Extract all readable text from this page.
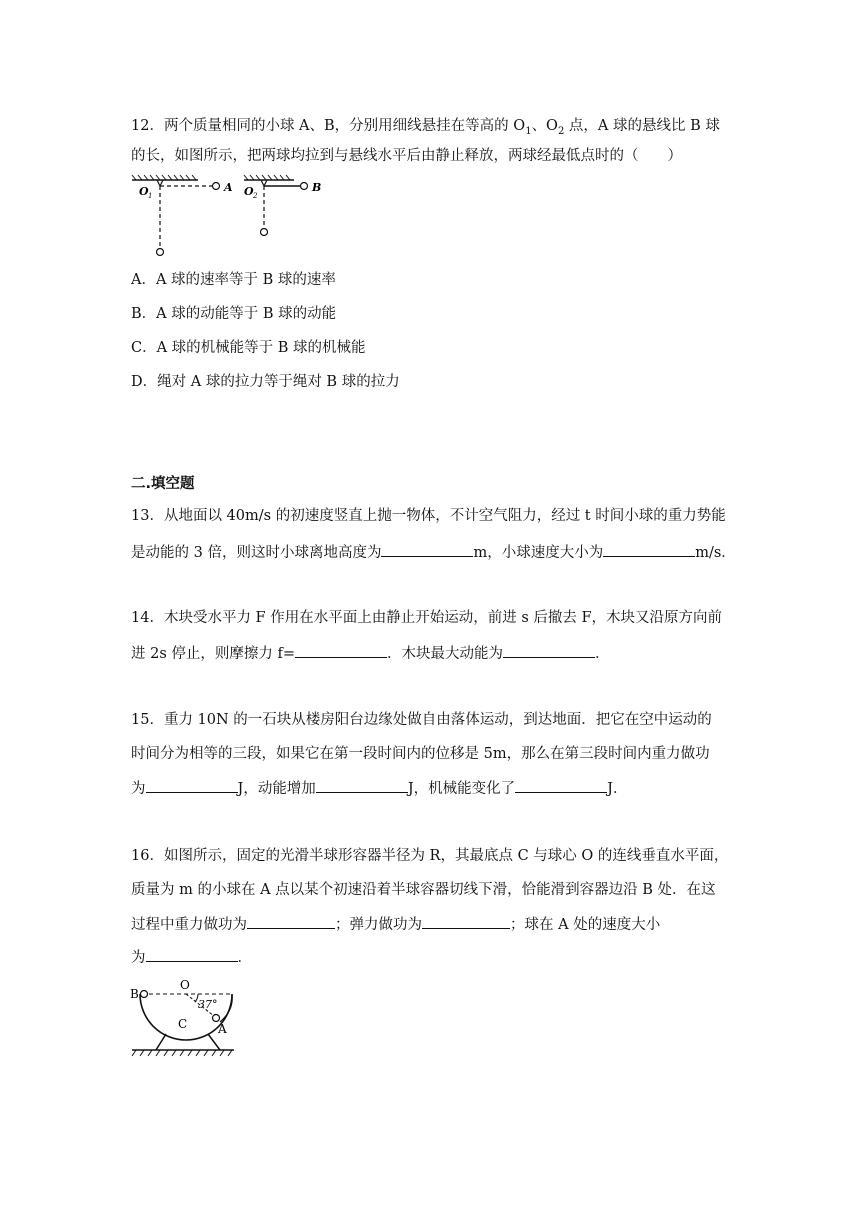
12．两个质量相同的小球 A、B，分别用细线悬挂在等高的 $O_1$、$O_2$ 点，A 球的悬线比 B 球
的长，如图所示，把两球均拉到与悬线水平后由静止释放，两球经最低点时的（　　）
O 1
A O 2
B
A．A 球的速率等于 B 球的速率
B．A 球的动能等于 B 球的动能
C．A 球的机械能等于 B 球的机械能
D．绳对 A 球的拉力等于绳对 B 球的拉力
二.填空题
13．从地面以 40m/s 的初速度竖直上抛一物体，不计空气阻力，经过 t 时间小球的重力势能
是动能的 3 倍，则这时小球离地高度为	m，小球速度大小为	m/s．
14．木块受水平力 F 作用在水平面上由静止开始运动，前进 s 后撤去 F，木块又沿原方向前
进 2s 停止，则摩擦力 f=	．木块最大动能为	．
15．重力 10N 的一石块从楼房阳台边缘处做自由落体运动，到达地面．把它在空中运动的
时间分为相等的三段，如果它在第一段时间内的位移是 5m，那么在第三段时间内重力做功
为	J，动能增加	J，机械能变化了	J．
16．如图所示，固定的光滑半球形容器半径为 R，其最底点 C 与球心 O 的连线垂直水平面，
质量为 m 的小球在 A 点以某个初速沿着半球容器切线下滑，恰能滑到容器边沿 B 处．在这
过程中重力做功为	；弹力做功为	；球在 A 处的速度大小
为	．
B
O
37°
C	A
